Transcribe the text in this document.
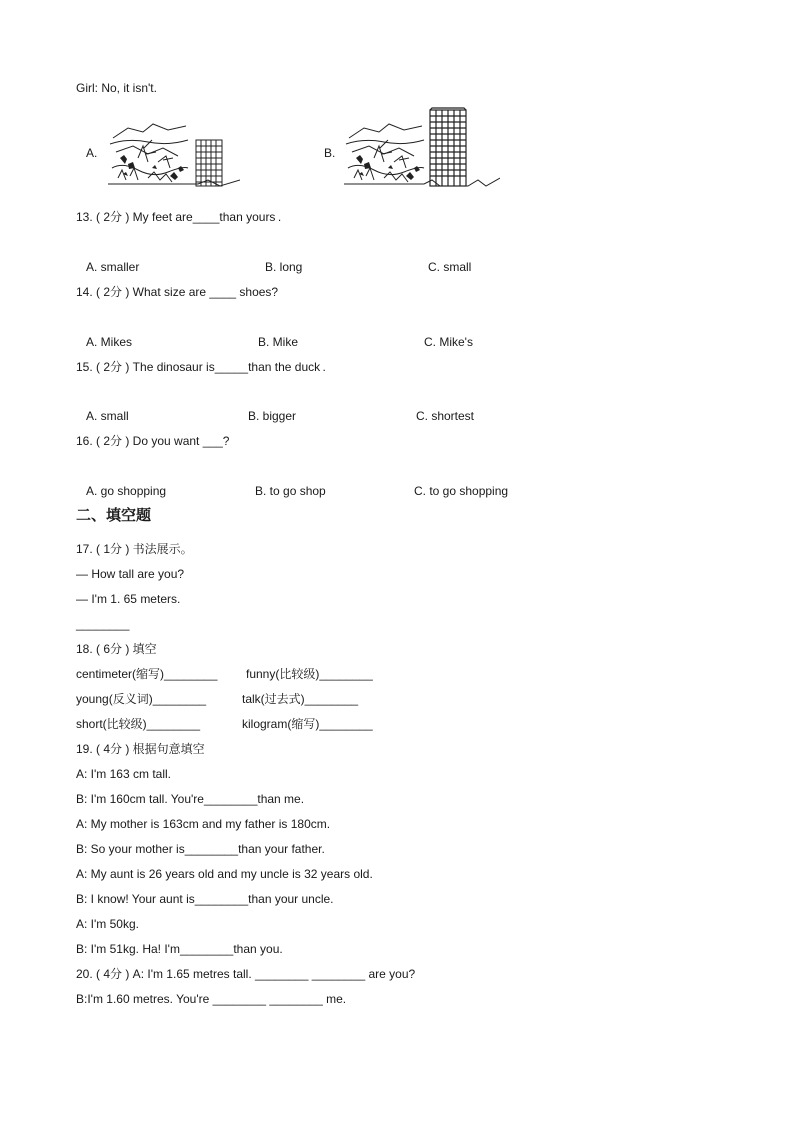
Girl: No, it isn't.
A.	B.
13. ( 2分 ) My feet are____than yours .
A. smaller	B. long	C. small
14. ( 2分 ) What size are ____ shoes?
A. Mikes	B. Mike	C. Mike's
15. ( 2分 ) The dinosaur is_____than the duck .
A. small	B. bigger	C. shortest
16. ( 2分 ) Do you want ___?
A. go shopping	B. to go shop	C. to go shopping
二、填空题
17. ( 1分 ) 书法展示。
— How tall are you?
— I'm 1. 65 meters.
________
18. ( 6分 ) 填空
centimeter(缩写)________ funny(比较级)________
young(反义词)________	talk(过去式)________
short(比较级)________	kilogram(缩写)________
19. ( 4分 ) 根据句意填空
A: I'm 163 cm tall.
B: I'm 160cm tall. You're________than me.
A: My mother is 163cm and my father is 180cm.
B: So your mother is________than your father.
A: My aunt is 26 years old and my uncle is 32 years old.
B: I know! Your aunt is________than your uncle.
A: I'm 50kg.
B: I'm 51kg. Ha! I'm________than you.
20. ( 4分 ) A: I'm 1.65 metres tall. ________ ________ are you?
B:I'm 1.60 metres. You're ________ ________ me.
